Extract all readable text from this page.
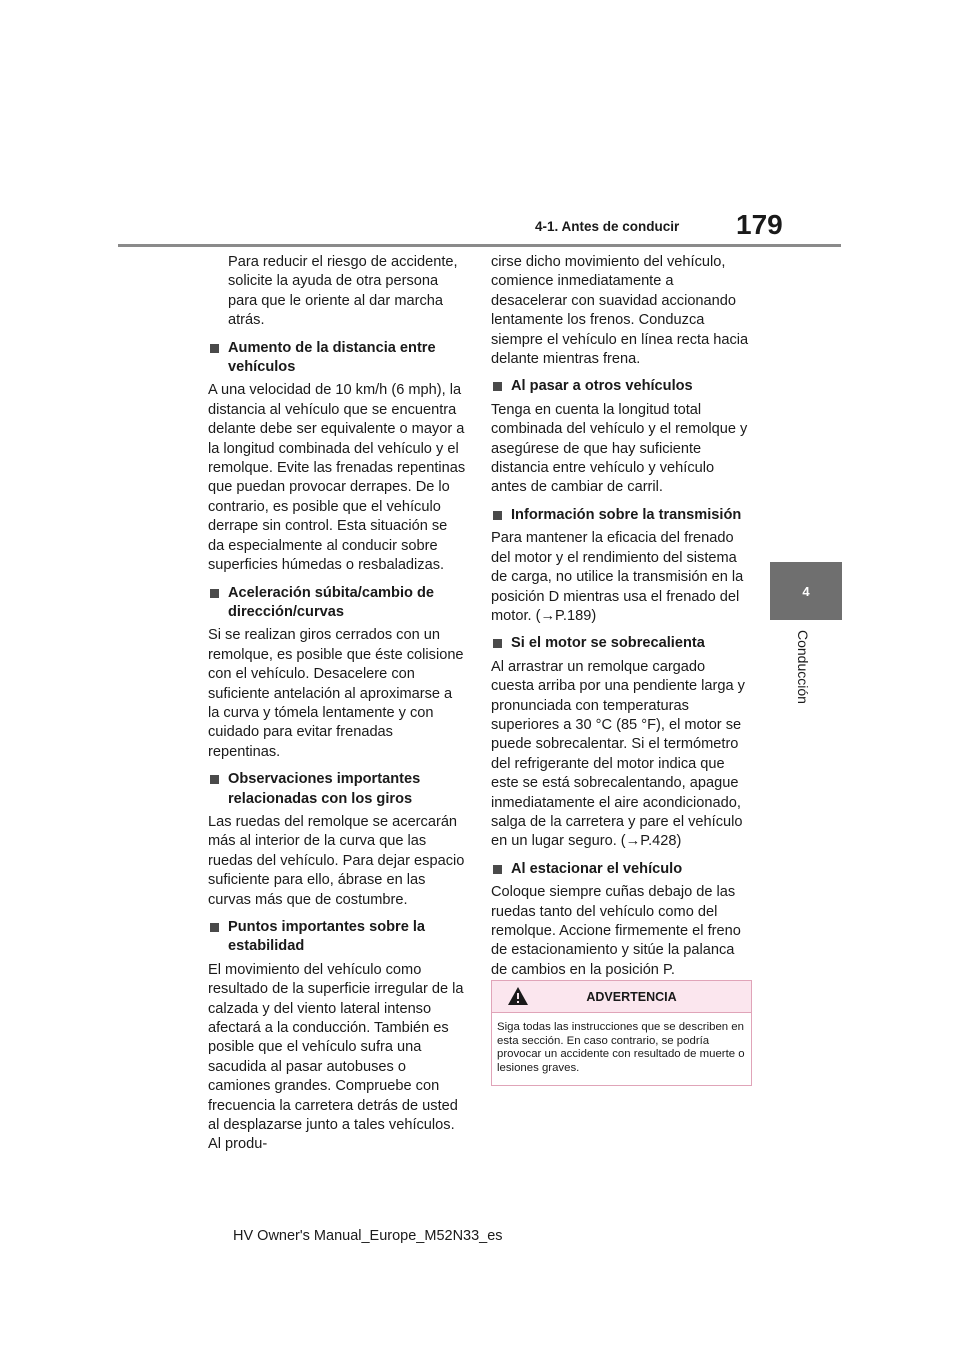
4-1. Antes de conducir 179
4
Conducción

Para reducir el riesgo de accidente, solicite la ayuda de otra persona para que le oriente al dar marcha atrás.

Aumento de la distancia entre vehículos

A una velocidad de 10 km/h (6 mph), la distancia al vehículo que se encuentra delante debe ser equivalente o mayor a la longitud combinada del vehículo y el remolque. Evite las frenadas repentinas que puedan provocar derrapes. De lo contrario, es posible que el vehículo derrape sin control. Esta situación se da especialmente al conducir sobre superficies húmedas o resbaladizas.

Aceleración súbita/cambio de dirección/curvas

Si se realizan giros cerrados con un remolque, es posible que éste colisione con el vehículo. Desacelere con suficiente antelación al aproximarse a la curva y tómela lentamente y con cuidado para evitar frenadas repentinas.

Observaciones importantes relacionadas con los giros

Las ruedas del remolque se acercarán más al interior de la curva que las ruedas del vehículo. Para dejar espacio suficiente para ello, ábrase en las curvas más que de costumbre.

Puntos importantes sobre la estabilidad

El movimiento del vehículo como resultado de la superficie irregular de la calzada y del viento lateral intenso afectará a la conducción. También es posible que el vehículo sufra una sacudida al pasar autobuses o camiones grandes. Compruebe con frecuencia la carretera detrás de usted al desplazarse junto a tales vehículos. Al produ-

cirse dicho movimiento del vehículo, comience inmediatamente a desacelerar con suavidad accionando lentamente los frenos. Conduzca siempre el vehículo en línea recta hacia delante mientras frena.

Al pasar a otros vehículos

Tenga en cuenta la longitud total combinada del vehículo y el remolque y asegúrese de que hay suficiente distancia entre vehículo y vehículo antes de cambiar de carril.

Información sobre la transmisión

Para mantener la eficacia del frenado del motor y el rendimiento del sistema de carga, no utilice la transmisión en la posición D mientras usa el frenado del motor. (→P.189)

Si el motor se sobrecalienta

Al arrastrar un remolque cargado cuesta arriba por una pendiente larga y pronunciada con temperaturas superiores a 30 °C (85 °F), el motor se puede sobrecalentar. Si el termómetro del refrigerante del motor indica que este se está sobrecalentando, apague inmediatamente el aire acondicionado, salga de la carretera y pare el vehículo en un lugar seguro. (→P.428)

Al estacionar el vehículo

Coloque siempre cuñas debajo de las ruedas tanto del vehículo como del remolque. Accione firmemente el freno de estacionamiento y sitúe la palanca de cambios en la posición P.

ADVERTENCIA
Siga todas las instrucciones que se describen en esta sección. En caso contrario, se podría provocar un accidente con resultado de muerte o lesiones graves.
HV Owner's Manual_Europe_M52N33_es
